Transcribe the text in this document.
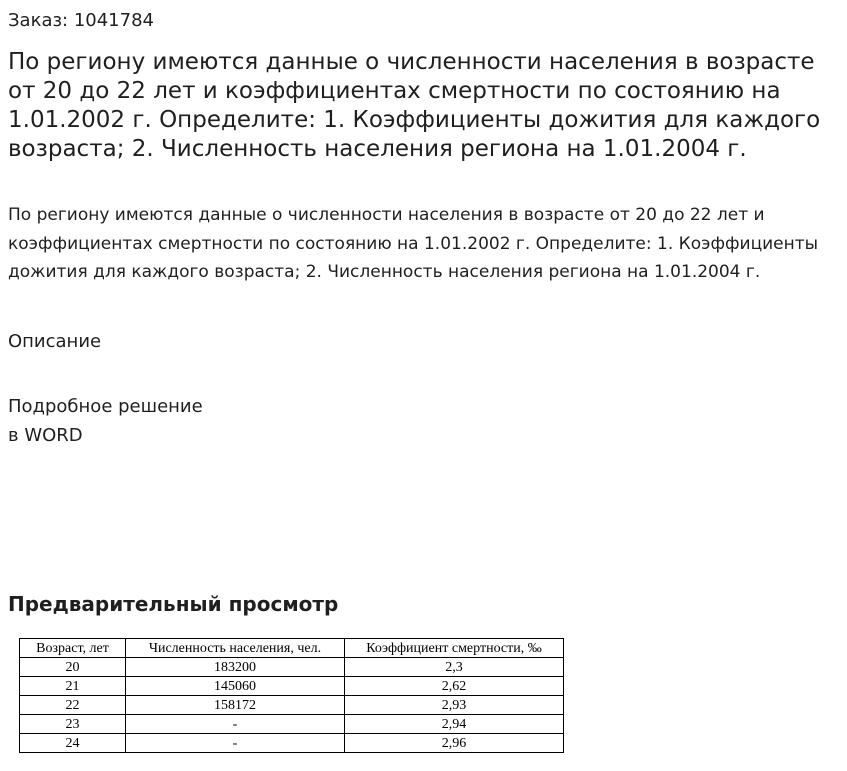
Заказ: 1041784
По региону имеются данные о численности населения в возрасте от 20 до 22 лет и коэффициентах смертности по состоянию на 1.01.2002 г. Определите: 1. Коэффициенты дожития для каждого возраста; 2. Численность населения региона на 1.01.2004 г.

По региону имеются данные о численности населения в возрасте от 20 до 22 лет и коэффициентах смертности по состоянию на 1.01.2002 г. Определите: 1. Коэффициенты дожития для каждого возраста; 2. Численность населения региона на 1.01.2004 г.

Описание
Подробное решение
в WORD
Предварительный просмотр
Возраст, лет	Численность населения, чел.	Коэффициент смертности, ‰
20	183200	2,3
21	145060	2,62
22	158172	2,93
23	-	2,94
24	-	2,96
